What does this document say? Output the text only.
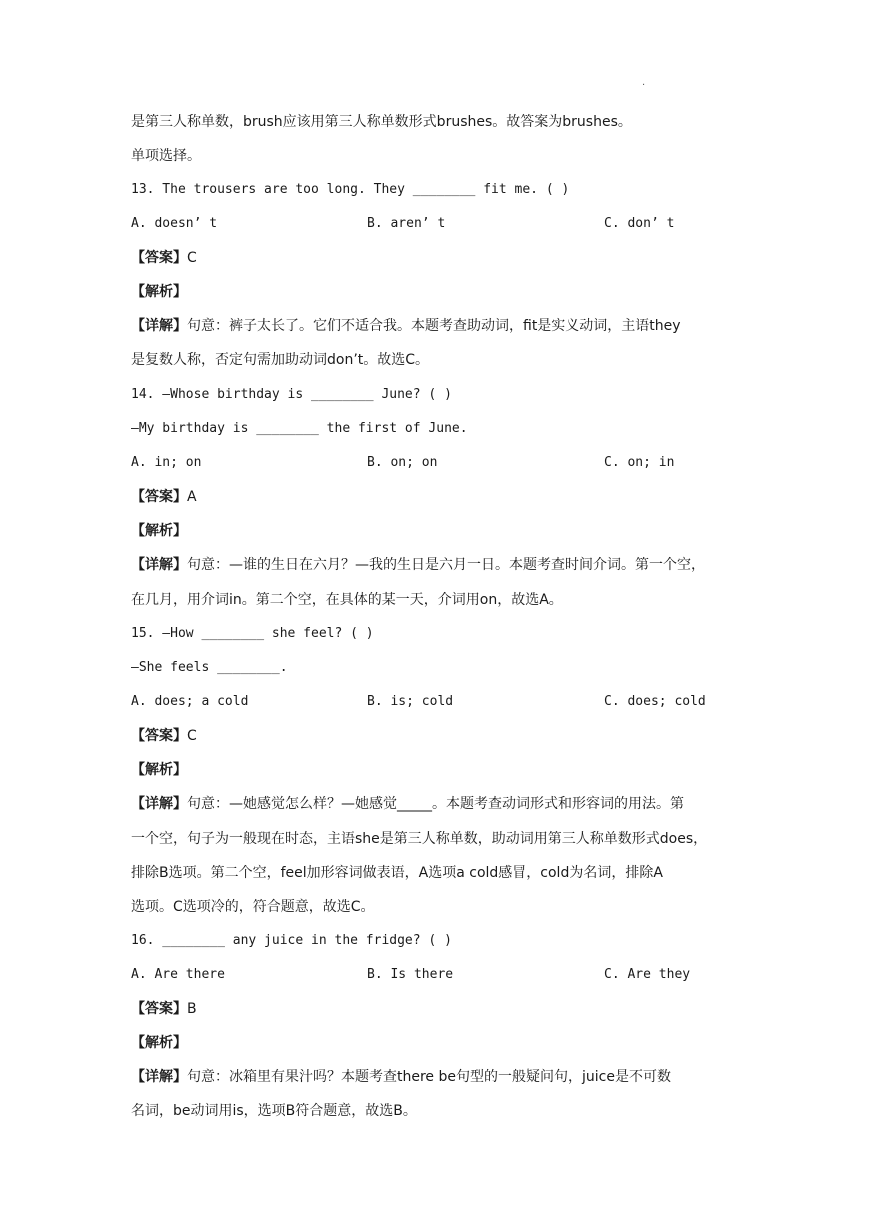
·
是第三人称单数，brush应该用第三人称单数形式brushes。故答案为brushes。
单项选择。
13. The trousers are too long. They ________ fit me. ( )
A. doesn’ t	B. aren’ t	C. don’ t
【答案】C
【解析】
【详解】句意：裤子太长了。它们不适合我。本题考查助动词，fit是实义动词，主语they
是复数人称，否定句需加助动词don’t。故选C。
14. —Whose birthday is ________ June? ( )
—My birthday is ________ the first of June.
A. in; on	B. on; on	C. on; in
【答案】A
【解析】
【详解】句意：—谁的生日在六月？—我的生日是六月一日。本题考查时间介词。第一个空，
在几月，用介词in。第二个空，在具体的某一天，介词用on，故选A。
15. —How ________ she feel? ( )
—She feels ________.
A. does; a cold	B. is; cold	C. does; cold
【答案】C
【解析】
【详解】句意：—她感觉怎么样？—她感觉_____。本题考查动词形式和形容词的用法。第
一个空，句子为一般现在时态，主语she是第三人称单数，助动词用第三人称单数形式does，
排除B选项。第二个空，feel加形容词做表语，A选项a cold感冒，cold为名词，排除A
选项。C选项冷的，符合题意，故选C。
16. ________ any juice in the fridge? ( )
A. Are there	B. Is there	C. Are they
【答案】B
【解析】
【详解】句意：冰箱里有果汁吗？本题考查there be句型的一般疑问句，juice是不可数
名词，be动词用is，选项B符合题意，故选B。
